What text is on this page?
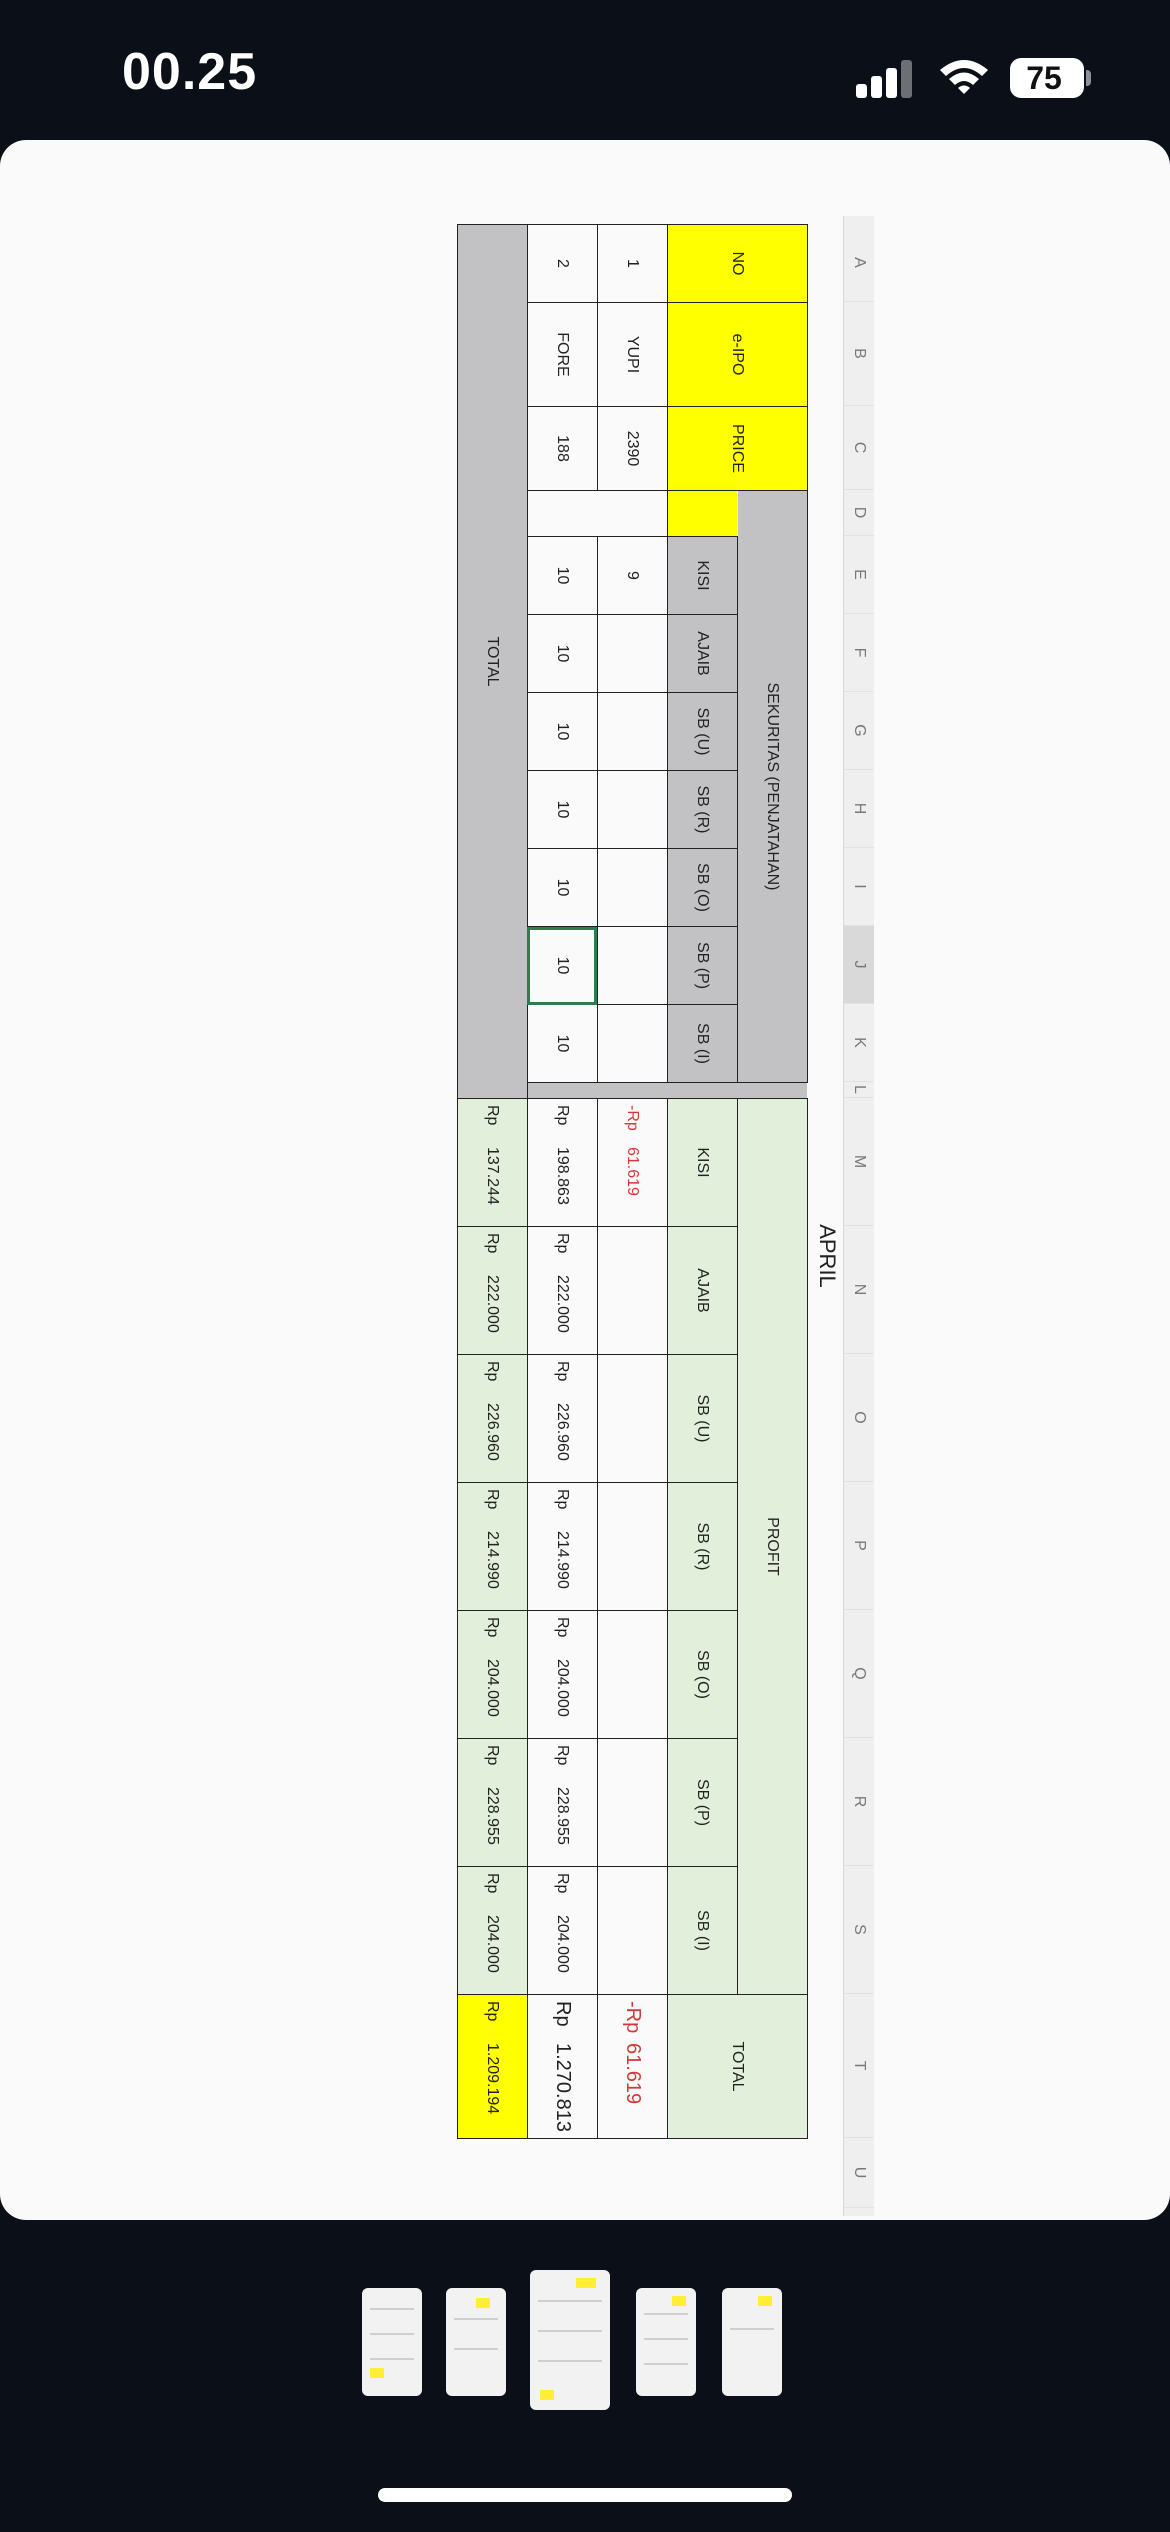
00.25	75
A
B
C
D
E
F
G
H
I
J
K
L
M
N
O
P
Q
R
S
T
U
APRIL
NO	e-IPO	PRICE	SEKURITAS (PENJATAHAN)									PROFIT							TOTAL
				KISI	AJAIB	SB (U)	SB (R)	SB (O)	SB (P)	SB (I)		KISI	AJAIB	SB (U)	SB (R)	SB (O)	SB (P)	SB (I)	
1	YUPI	2390		9								-Rp61.619							-Rp61.619
2	FORE	188		10	10	10	10	10	10	10		Rp198.863	Rp222.000	Rp226.960	Rp214.990	Rp204.000	Rp228.955	Rp204.000	Rp1.270.813
TOTAL												Rp137.244	Rp222.000	Rp226.960	Rp214.990	Rp204.000	Rp228.955	Rp204.000	Rp1.209.194
